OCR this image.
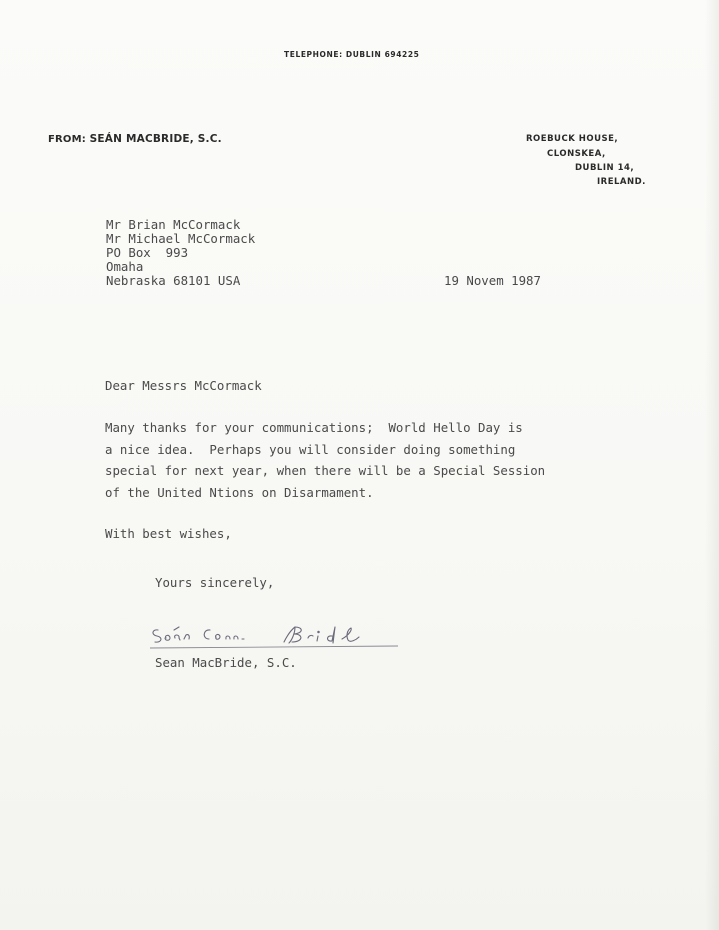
TELEPHONE: DUBLIN 694225
FROM: SEÁN MACBRIDE, S.C.	ROEBUCK HOUSE,
CLONSKEA,
DUBLIN 14,
IRELAND.
Mr Brian McCormack
Mr Michael McCormack
PO Box  993
Omaha
Nebraska 68101 USA	19 Novem 1987
Dear Messrs McCormack
Many thanks for your communications;  World Hello Day is
a nice idea.  Perhaps you will consider doing something
special for next year, when there will be a Special Session
of the United Ntions on Disarmament.
With best wishes,
Yours sincerely,
Sean MacBride, S.C.
